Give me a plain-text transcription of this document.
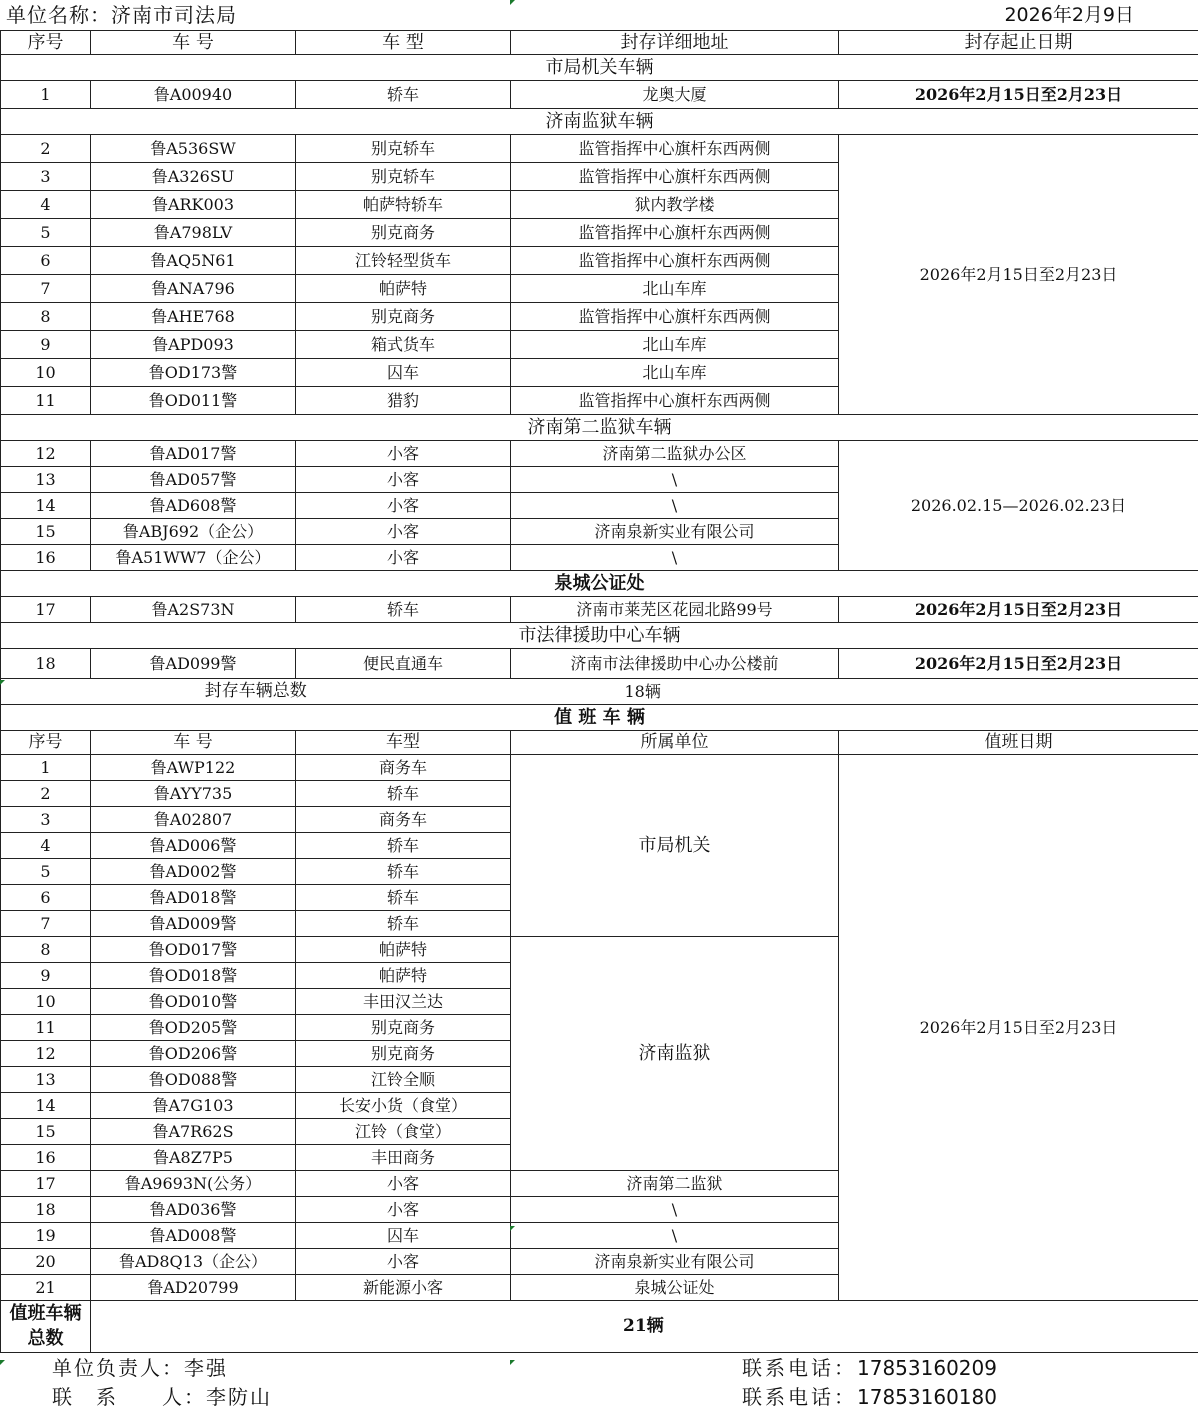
单位名称：济南市司法局	2026年2月9日
序号	车 号	车 型	封存详细地址	封存起止日期
市局机关车辆				
1	鲁A00940	轿车	龙奥大厦	2026年2月15日至2月23日
济南监狱车辆				
2	鲁A536SW	别克轿车	监管指挥中心旗杆东西两侧	2026年2月15日至2月23日
3	鲁A326SU	别克轿车	监管指挥中心旗杆东西两侧	
4	鲁ARK003	帕萨特轿车	狱内教学楼	
5	鲁A798LV	别克商务	监管指挥中心旗杆东西两侧	
6	鲁AQ5N61	江铃轻型货车	监管指挥中心旗杆东西两侧	
7	鲁ANA796	帕萨特	北山车库	
8	鲁AHE768	别克商务	监管指挥中心旗杆东西两侧	
9	鲁APD093	箱式货车	北山车库	
10	鲁OD173警	囚车	北山车库	
11	鲁OD011警	猎豹	监管指挥中心旗杆东西两侧	
济南第二监狱车辆				
12	鲁AD017警	小客	济南第二监狱办公区	2026.02.15—2026.02.23日
13	鲁AD057警	小客	\	
14	鲁AD608警	小客	\	
15	鲁ABJ692（企公）	小客	济南泉新实业有限公司	
16	鲁A51WW7（企公）	小客	\	
泉城公证处				
17	鲁A2S73N	轿车	济南市莱芜区花园北路99号	2026年2月15日至2月23日
市法律援助中心车辆				
18	鲁AD099警	便民直通车	济南市法律援助中心办公楼前	2026年2月15日至2月23日
封存车辆总数			18辆	
值 班 车 辆				
序号	车 号	车型	所属单位	值班日期
1	鲁AWP122	商务车	市局机关	2026年2月15日至2月23日
2	鲁AYY735	轿车		
3	鲁A02807	商务车		
4	鲁AD006警	轿车		
5	鲁AD002警	轿车		
6	鲁AD018警	轿车		
7	鲁AD009警	轿车		
8	鲁OD017警	帕萨特	济南监狱	
9	鲁OD018警	帕萨特		
10	鲁OD010警	丰田汉兰达		
11	鲁OD205警	别克商务		
12	鲁OD206警	别克商务		
13	鲁OD088警	江铃全顺		
14	鲁A7G103	长安小货（食堂）		
15	鲁A7R62S	江铃（食堂）		
16	鲁A8Z7P5	丰田商务		
17	鲁A9693N(公务）	小客	济南第二监狱	
18	鲁AD036警	小客	\	
19	鲁AD008警	囚车	\	
20	鲁AD8Q13（企公）	小客	济南泉新实业有限公司	
21	鲁AD20799	新能源小客	泉城公证处	

值班车辆
总数	21辆			
单位负责人：李强	联系电话：17853160209
联　系　　人：李防山	联系电话：17853160180
